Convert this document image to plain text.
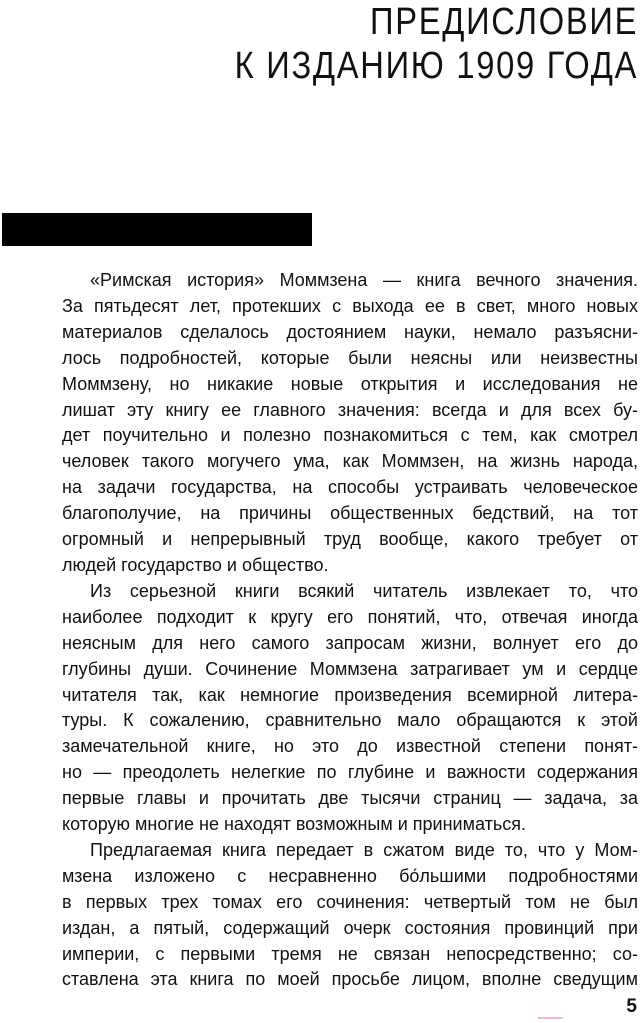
ПРЕДИСЛОВИЕ
К ИЗДАНИЮ 1909 ГОДА
«Римская история» Моммзена — книга вечного значения.
За пятьдесят лет, протекших с выхода ее в свет, много новых
материалов сделалось достоянием науки, немало разъясни-
лось подробностей, которые были неясны или неизвестны
Моммзену, но никакие новые открытия и исследования не
лишат эту книгу ее главного значения: всегда и для всех бу-
дет поучительно и полезно познакомиться с тем, как смотрел
человек такого могучего ума, как Моммзен, на жизнь народа,
на задачи государства, на способы устраивать человеческое
благополучие, на причины общественных бедствий, на тот
огромный и непрерывный труд вообще, какого требует от
людей государство и общество.
Из серьезной книги всякий читатель извлекает то, что
наиболее подходит к кругу его понятий, что, отвечая иногда
неясным для него самого запросам жизни, волнует его до
глубины души. Сочинение Моммзена затрагивает ум и сердце
читателя так, как немногие произведения всемирной литера-
туры. К сожалению, сравнительно мало обращаются к этой
замечательной книге, но это до известной степени понят-
но — преодолеть нелегкие по глубине и важности содержания
первые главы и прочитать две тысячи страниц — задача, за
которую многие не находят возможным и приниматься.
Предлагаемая книга передает в сжатом виде то, что у Мом-
мзена изложено с несравненно бо́льшими подробностями
в первых трех томах его сочинения: четвертый том не был
издан, а пятый, содержащий очерк состояния провинций при
империи, с первыми тремя не связан непосредственно; со-
ставлена эта книга по моей просьбе лицом, вполне сведущим
5
